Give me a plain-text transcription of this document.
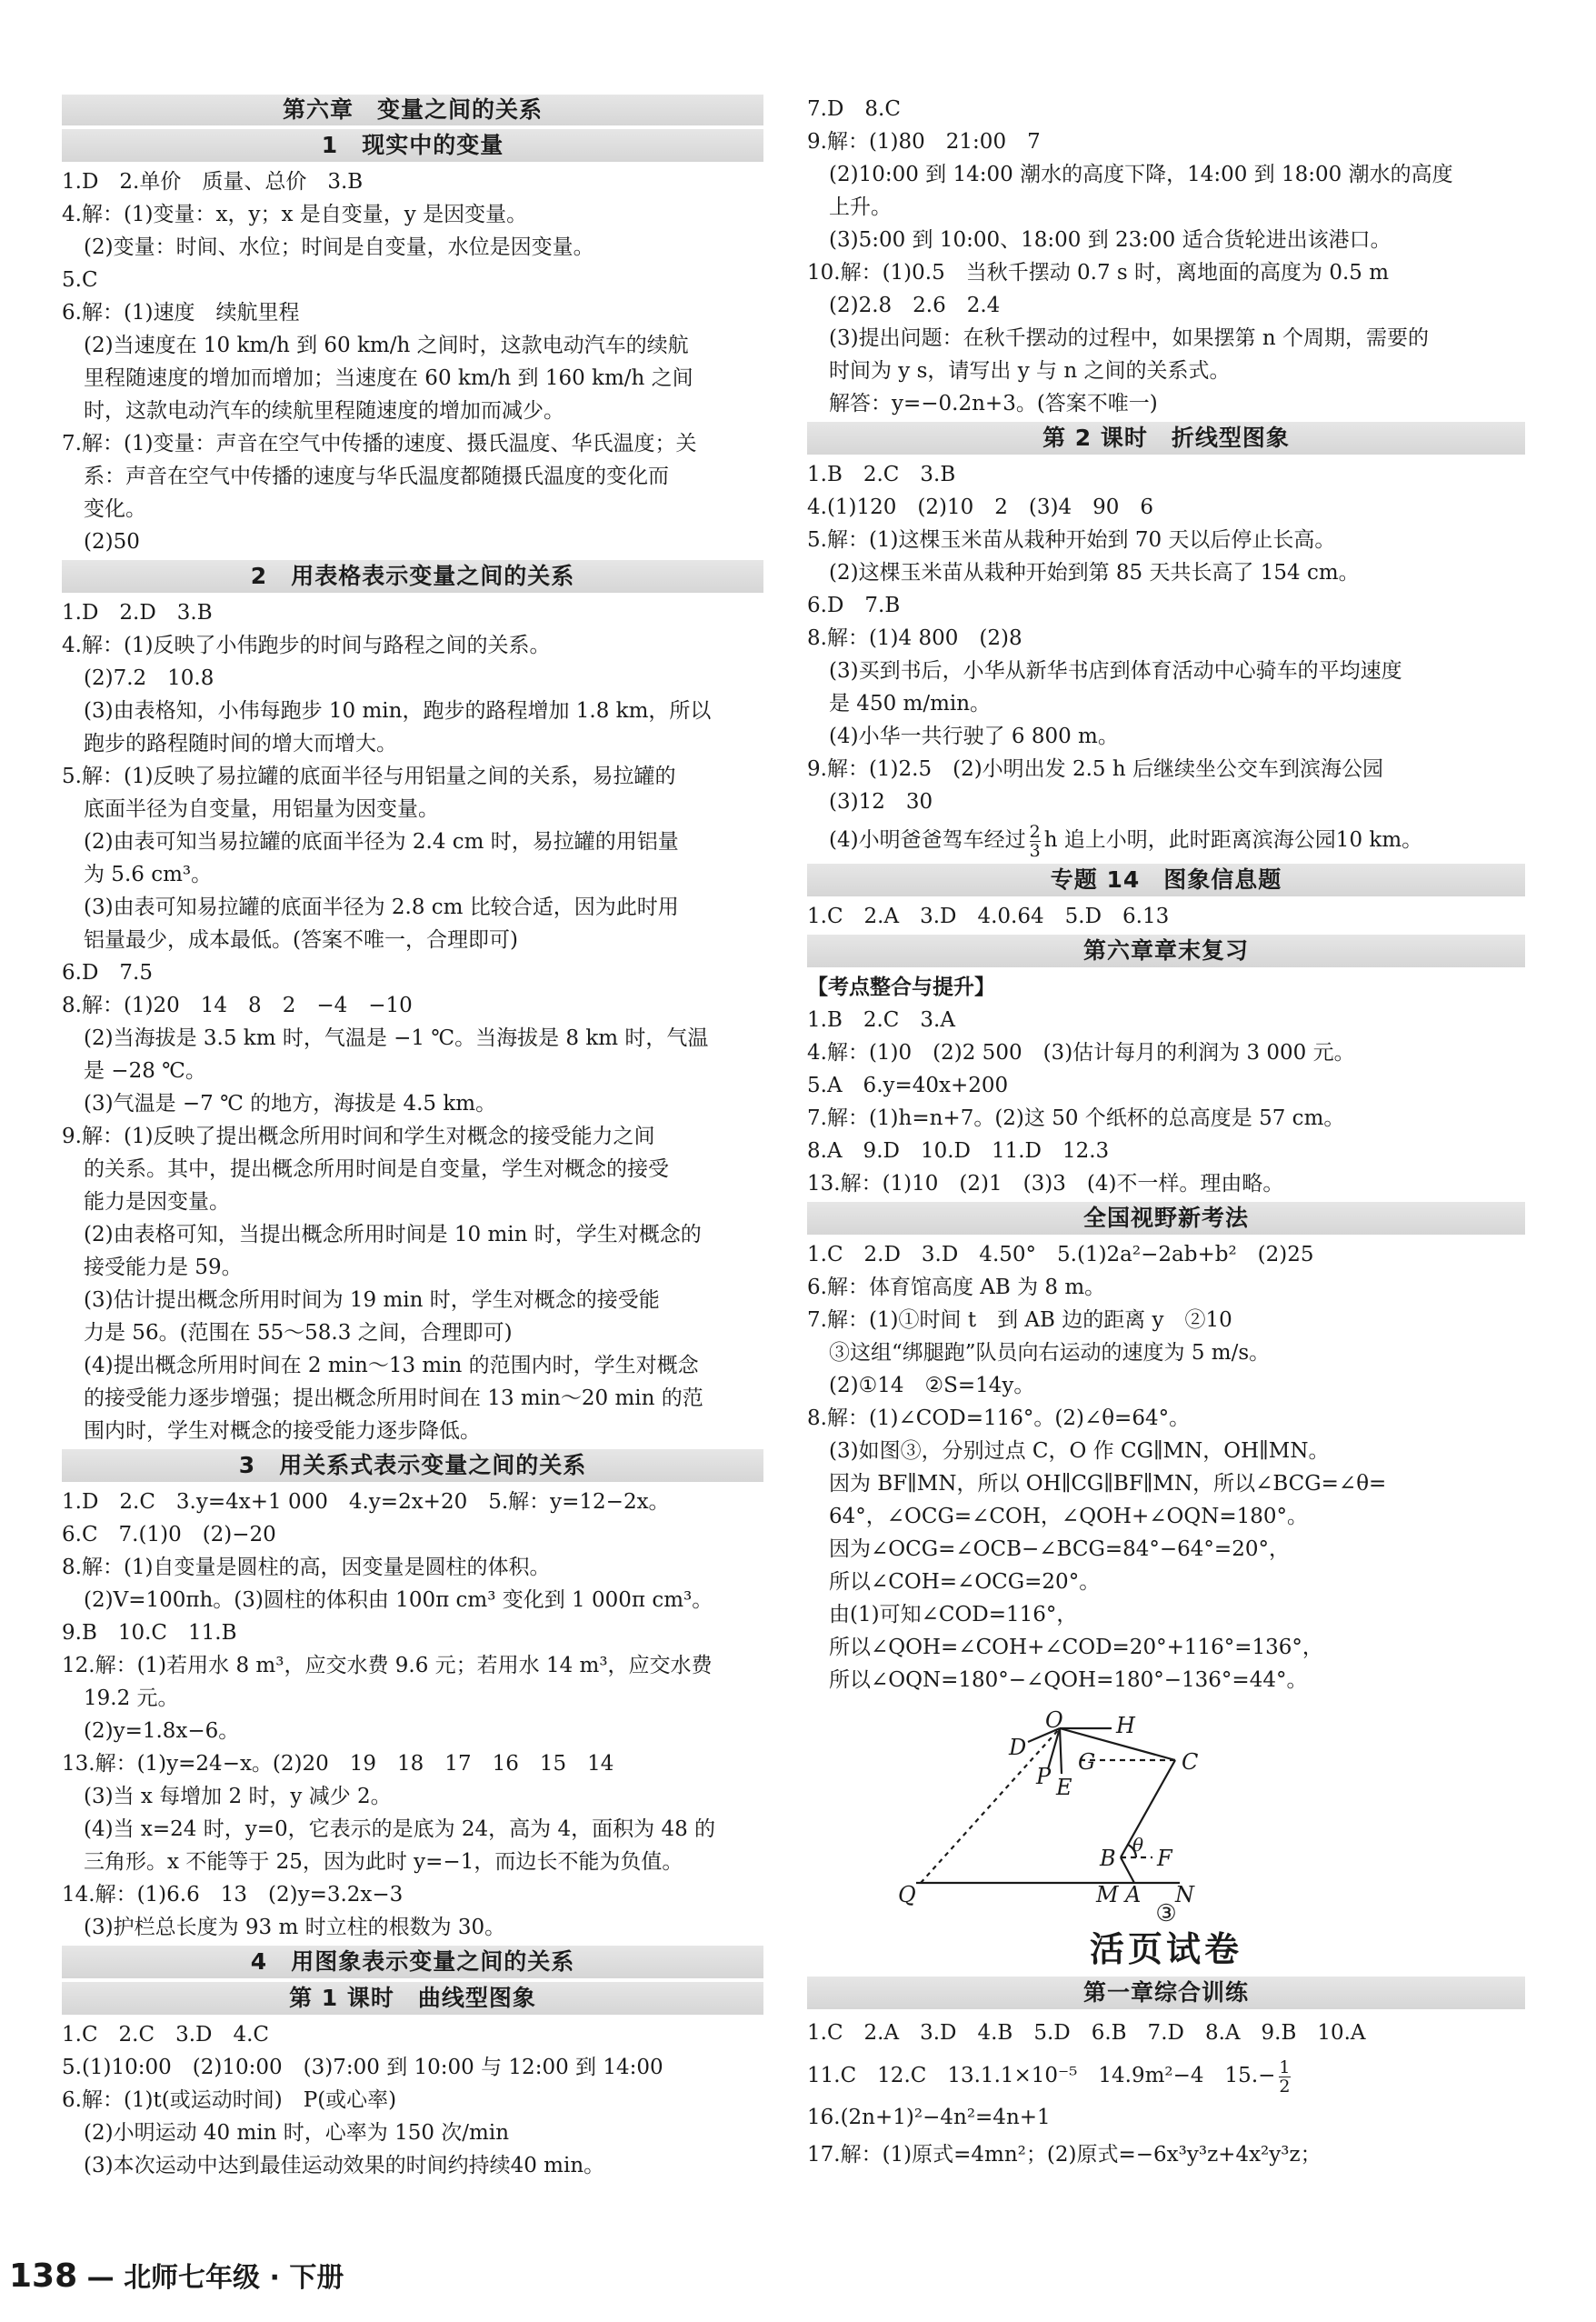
第六章　变量之间的关系
1　现实中的变量
1.D　2.单价　质量、总价　3.B
4.解：(1)变量：x，y；x 是自变量，y 是因变量。
(2)变量：时间、水位；时间是自变量，水位是因变量。
5.C
6.解：(1)速度　续航里程
(2)当速度在 10 km/h 到 60 km/h 之间时，这款电动汽车的续航
里程随速度的增加而增加；当速度在 60 km/h 到 160 km/h 之间
时，这款电动汽车的续航里程随速度的增加而减少。
7.解：(1)变量：声音在空气中传播的速度、摄氏温度、华氏温度；关
系：声音在空气中传播的速度与华氏温度都随摄氏温度的变化而
变化。
(2)50
2　用表格表示变量之间的关系
1.D　2.D　3.B
4.解：(1)反映了小伟跑步的时间与路程之间的关系。
(2)7.2　10.8
(3)由表格知，小伟每跑步 10 min，跑步的路程增加 1.8 km，所以
跑步的路程随时间的增大而增大。
5.解：(1)反映了易拉罐的底面半径与用铝量之间的关系，易拉罐的
底面半径为自变量，用铝量为因变量。
(2)由表可知当易拉罐的底面半径为 2.4 cm 时，易拉罐的用铝量
为 5.6 cm³。
(3)由表可知易拉罐的底面半径为 2.8 cm 比较合适，因为此时用
铝量最少，成本最低。(答案不唯一，合理即可)
6.D　7.5
8.解：(1)20　14　8　2　−4　−10
(2)当海拔是 3.5 km 时，气温是 −1 ℃。当海拔是 8 km 时，气温
是 −28 ℃。
(3)气温是 −7 ℃ 的地方，海拔是 4.5 km。
9.解：(1)反映了提出概念所用时间和学生对概念的接受能力之间
的关系。其中，提出概念所用时间是自变量，学生对概念的接受
能力是因变量。
(2)由表格可知，当提出概念所用时间是 10 min 时，学生对概念的
接受能力是 59。
(3)估计提出概念所用时间为 19 min 时，学生对概念的接受能
力是 56。(范围在 55～58.3 之间，合理即可)
(4)提出概念所用时间在 2 min～13 min 的范围内时，学生对概念
的接受能力逐步增强；提出概念所用时间在 13 min～20 min 的范
围内时，学生对概念的接受能力逐步降低。
3　用关系式表示变量之间的关系
1.D　2.C　3.y=4x+1 000　4.y=2x+20　5.解：y=12−2x。
6.C　7.(1)0　(2)−20
8.解：(1)自变量是圆柱的高，因变量是圆柱的体积。
(2)V=100πh。(3)圆柱的体积由 100π cm³ 变化到 1 000π cm³。
9.B　10.C　11.B
12.解：(1)若用水 8 m³，应交水费 9.6 元；若用水 14 m³，应交水费
19.2 元。
(2)y=1.8x−6。
13.解：(1)y=24−x。(2)20　19　18　17　16　15　14
(3)当 x 每增加 2 时，y 减少 2。
(4)当 x=24 时，y=0，它表示的是底为 24，高为 4，面积为 48 的
三角形。x 不能等于 25，因为此时 y=−1，而边长不能为负值。
14.解：(1)6.6　13　(2)y=3.2x−3
(3)护栏总长度为 93 m 时立柱的根数为 30。
4　用图象表示变量之间的关系
第 1 课时　曲线型图象
1.C　2.C　3.D　4.C
5.(1)10:00　(2)10:00　(3)7:00 到 10:00 与 12:00 到 14:00
6.解：(1)t(或运动时间)　P(或心率)
(2)小明运动 40 min 时，心率为 150 次/min
(3)本次运动中达到最佳运动效果的时间约持续40 min。
7.D　8.C
9.解：(1)80　21:00　7
(2)10:00 到 14:00 潮水的高度下降，14:00 到 18:00 潮水的高度
上升。
(3)5:00 到 10:00、18:00 到 23:00 适合货轮进出该港口。
10.解：(1)0.5　当秋千摆动 0.7 s 时，离地面的高度为 0.5 m
(2)2.8　2.6　2.4
(3)提出问题：在秋千摆动的过程中，如果摆第 n 个周期，需要的
时间为 y s，请写出 y 与 n 之间的关系式。
解答：y=−0.2n+3。(答案不唯一)
第 2 课时　折线型图象
1.B　2.C　3.B
4.(1)120　(2)10　2　(3)4　90　6
5.解：(1)这棵玉米苗从栽种开始到 70 天以后停止长高。
(2)这棵玉米苗从栽种开始到第 85 天共长高了 154 cm。
6.D　7.B
8.解：(1)4 800　(2)8
(3)买到书后，小华从新华书店到体育活动中心骑车的平均速度
是 450 m/min。
(4)小华一共行驶了 6 800 m。
9.解：(1)2.5　(2)小明出发 2.5 h 后继续坐公交车到滨海公园
(3)12　30
(4)小明爸爸驾车经过 $\frac{2}{3}$ h 追上小明，此时距离滨海公园10 km。
专题 14　图象信息题
1.C　2.A　3.D　4.0.64　5.D　6.13
第六章章末复习
【考点整合与提升】
1.B　2.C　3.A
4.解：(1)0　(2)2 500　(3)估计每月的利润为 3 000 元。
5.A　6.y=40x+200
7.解：(1)h=n+7。(2)这 50 个纸杯的总高度是 57 cm。
8.A　9.D　10.D　11.D　12.3
13.解：(1)10　(2)1　(3)3　(4)不一样。理由略。
全国视野新考法
1.C　2.D　3.D　4.50°　5.(1)2a²−2ab+b²　(2)25
6.解：体育馆高度 AB 为 8 m。
7.解：(1)①时间 t　到 AB 边的距离 y　②10
③这组“绑腿跑”队员向右运动的速度为 5 m/s。
(2)①14　②S=14y。
8.解：(1)∠COD=116°。(2)∠θ=64°。
(3)如图③，分别过点 C，O 作 CG∥MN，OH∥MN。
因为 BF∥MN，所以 OH∥CG∥BF∥MN，所以∠BCG=∠θ=
64°，∠OCG=∠COH，∠QOH+∠OQN=180°。
因为∠OCG=∠OCB−∠BCG=84°−64°=20°，
所以∠COH=∠OCG=20°。
由(1)可知∠COD=116°，
所以∠QOH=∠COH+∠COD=20°+116°=136°，
所以∠OQN=180°−∠QOH=180°−136°=44°。
O H
D
P E
G	C
θ
B F
Q	M A N
③
活页试卷
第一章综合训练
1.C　2.A　3.D　4.B　5.D　6.B　7.D　8.A　9.B　10.A
11.C　12.C　13.1.1×10⁻⁵　14.9m²−4　$15.- \frac{1}{2}$
16.(2n+1)²−4n²=4n+1
17.解：(1)原式=4mn²；(2)原式=−6x³y³z+4x²y³z；
138 — 北师七年级 · 下册
